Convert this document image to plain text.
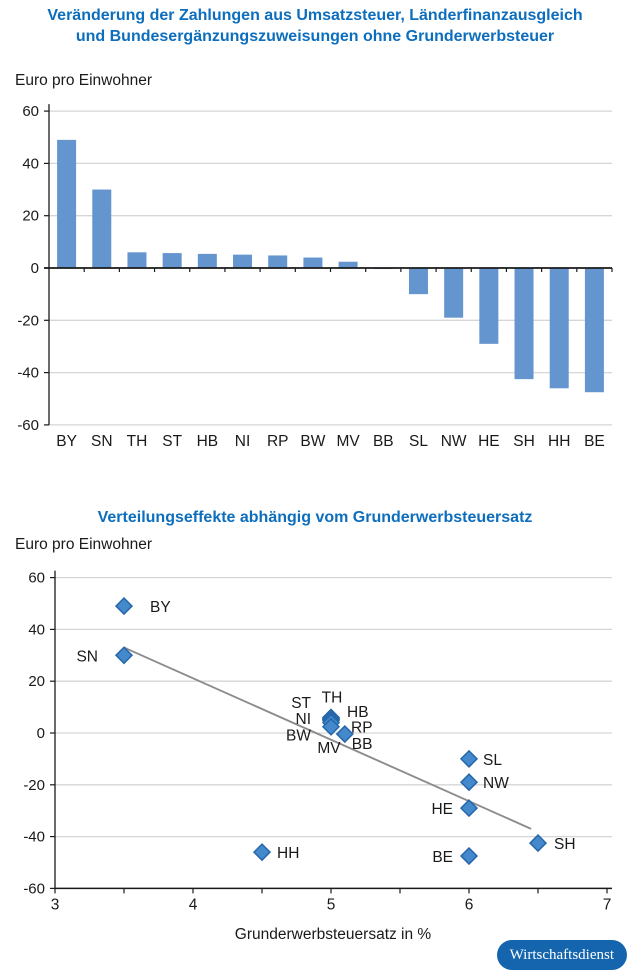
Veränderung der Zahlungen aus Umsatzsteuer, Länderfinanzausgleich
und Bundesergänzungszuweisungen ohne Grunderwerbsteuer
Euro pro Einwohner
60
40
20
0
-20
-40
-60
BY SN TH ST HB NI RP BW MV BB SL NW HE SH HH BE
Verteilungseffekte abhängig vom Grunderwerbsteuersatz
Euro pro Einwohner
60
40
20
0
-20
-40
-60
3	4	5	6	7
BY
SN
TH
ST
HB
NI
RP
BW
MV BB
SL
NW
HE
SH
HH	BE
Grunderwerbsteuersatz in %
Wirtschaftsdienst
